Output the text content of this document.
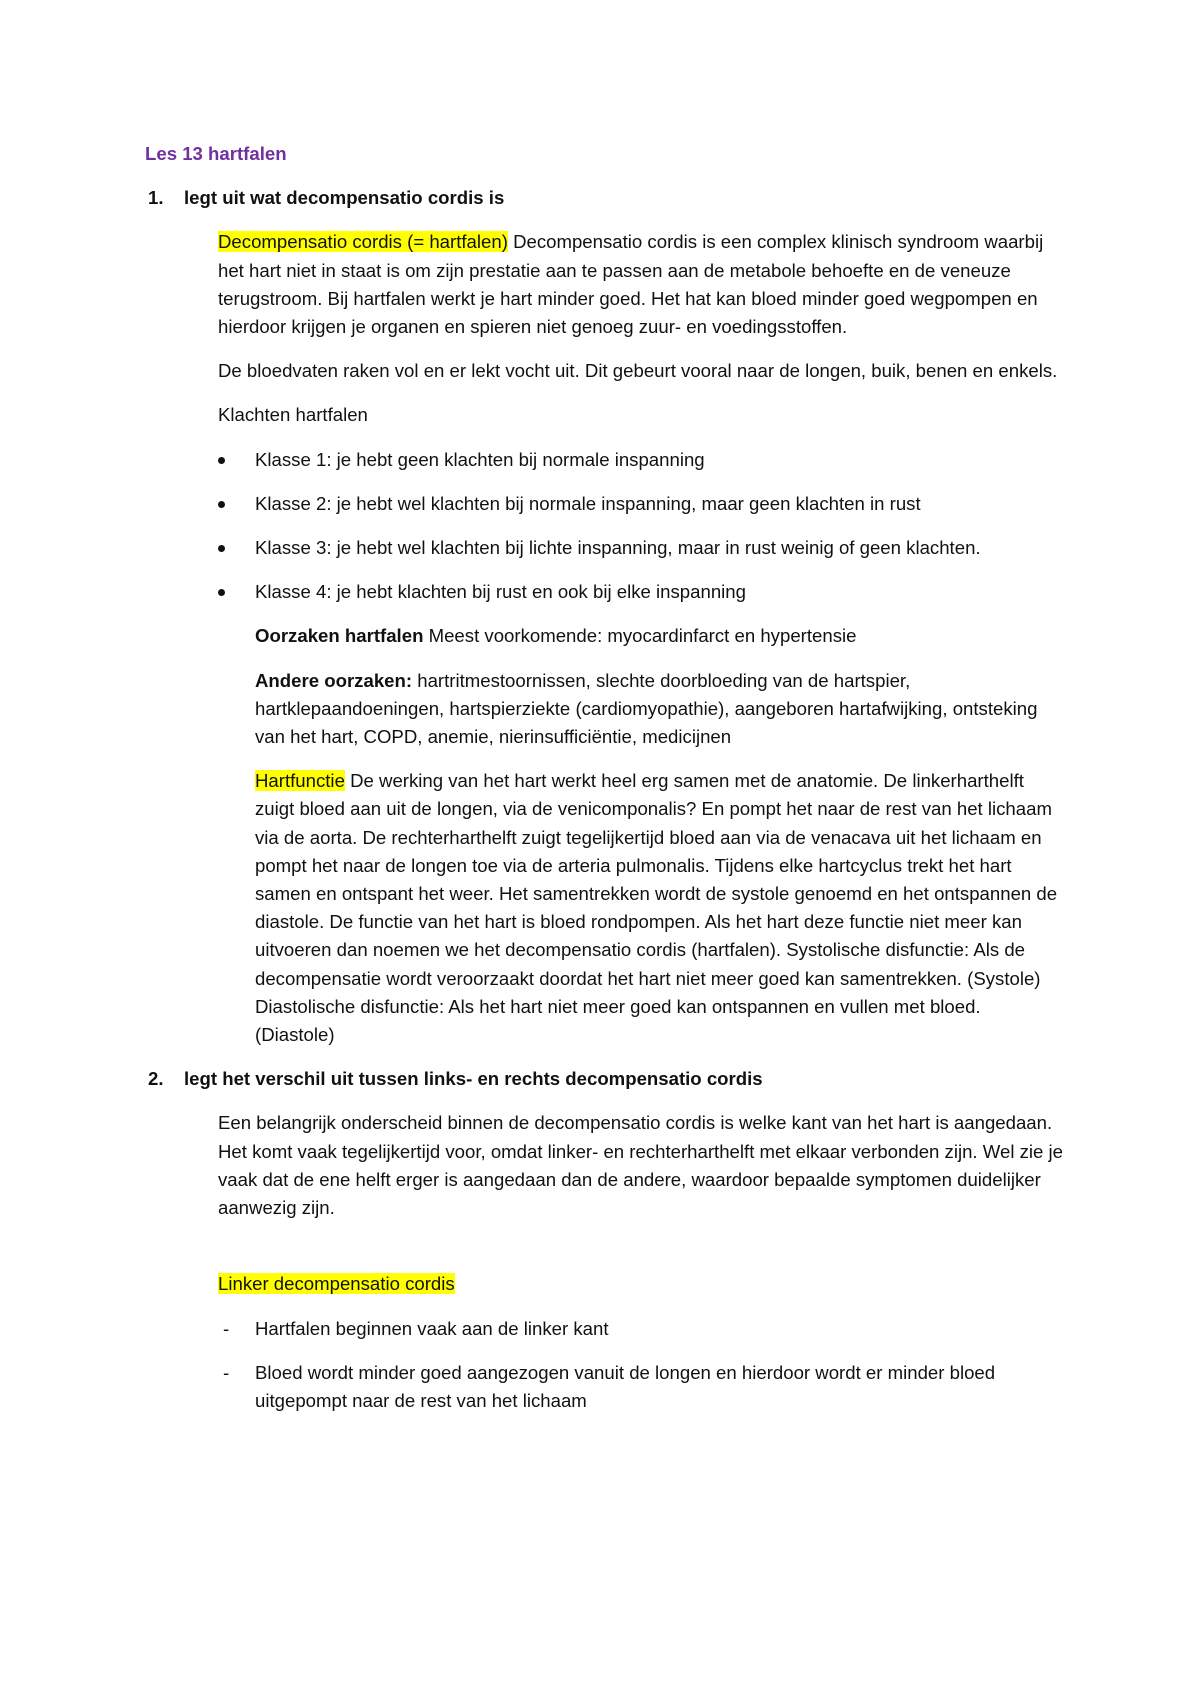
Les 13 hartfalen

1.	legt uit wat decompensatio cordis is

Decompensatio cordis (= hartfalen) Decompensatio cordis is een complex klinisch syndroom waarbij het hart niet in staat is om zijn prestatie aan te passen aan de metabole behoefte en de veneuze terugstroom. Bij hartfalen werkt je hart minder goed. Het hat kan bloed minder goed wegpompen en hierdoor krijgen je organen en spieren niet genoeg zuur- en voedingsstoffen.

De bloedvaten raken vol en er lekt vocht uit. Dit gebeurt vooral naar de longen, buik, benen en enkels.

Klachten hartfalen

Klasse 1: je hebt geen klachten bij normale inspanning
Klasse 2: je hebt wel klachten bij normale inspanning, maar geen klachten in rust
Klasse 3: je hebt wel klachten bij lichte inspanning, maar in rust weinig of geen klachten.
Klasse 4: je hebt klachten bij rust en ook bij elke inspanning

Oorzaken hartfalen Meest voorkomende: myocardinfarct en hypertensie

Andere oorzaken: hartritmestoornissen, slechte doorbloeding van de hartspier, hartklepaandoeningen, hartspierziekte (cardiomyopathie), aangeboren hartafwijking, ontsteking van het hart, COPD, anemie, nierinsufficiëntie, medicijnen

Hartfunctie De werking van het hart werkt heel erg samen met de anatomie. De linkerharthelft zuigt bloed aan uit de longen, via de venicomponalis? En pompt het naar de rest van het lichaam via de aorta. De rechterharthelft zuigt tegelijkertijd bloed aan via de venacava uit het lichaam en pompt het naar de longen toe via de arteria pulmonalis. Tijdens elke hartcyclus trekt het hart samen en ontspant het weer. Het samentrekken wordt de systole genoemd en het ontspannen de diastole. De functie van het hart is bloed rondpompen. Als het hart deze functie niet meer kan uitvoeren dan noemen we het decompensatio cordis (hartfalen). Systolische disfunctie: Als de decompensatie wordt veroorzaakt doordat het hart niet meer goed kan samentrekken. (Systole) Diastolische disfunctie: Als het hart niet meer goed kan ontspannen en vullen met bloed. (Diastole)

2.	legt het verschil uit tussen links- en rechts decompensatio cordis

Een belangrijk onderscheid binnen de decompensatio cordis is welke kant van het hart is aangedaan. Het komt vaak tegelijkertijd voor, omdat linker- en rechterharthelft met elkaar verbonden zijn. Wel zie je vaak dat de ene helft erger is aangedaan dan de andere, waardoor bepaalde symptomen duidelijker aanwezig zijn.

Linker decompensatio cordis

- Hartfalen beginnen vaak aan de linker kant
- Bloed wordt minder goed aangezogen vanuit de longen en hierdoor wordt er minder bloed uitgepompt naar de rest van het lichaam
